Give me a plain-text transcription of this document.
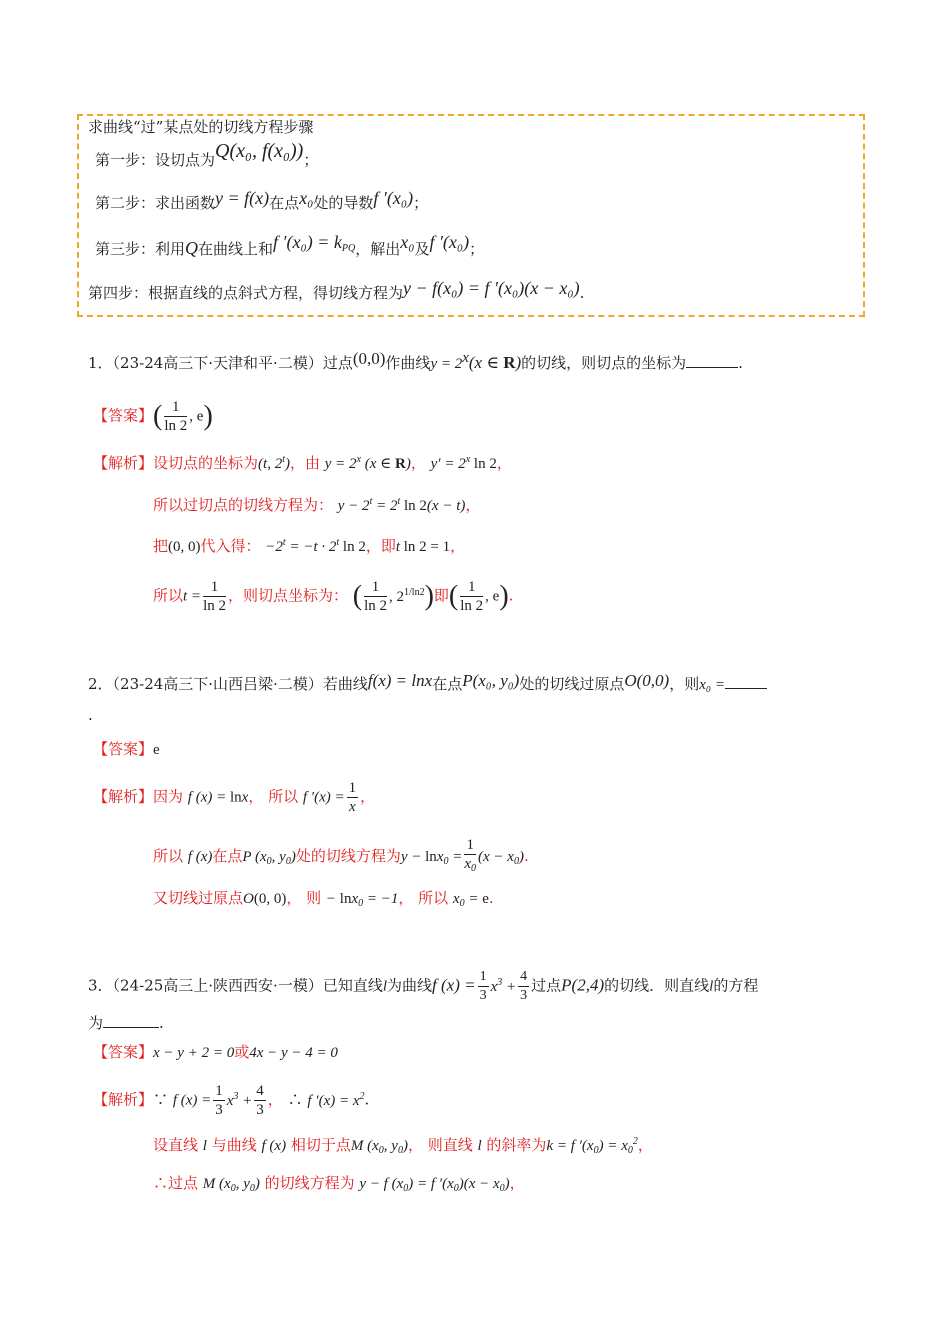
求曲线“过”某点处的切线方程步骤
第一步：设切点为Q(x₀, f(x₀))；
第二步：求出函数y = f(x)在点x₀处的导数f ′(x₀)；
第三步：利用Q在曲线上和f $'(x_0) = k_{PQ}$，解出x₀及f ′(x₀)；
第四步：根据直线的点斜式方程，得切线方程为y − f(x₀) = f ′(x₀)(x − x₀).
1．（23-24高三下·天津和平·二模）过点(0,0)作曲线$y = 2^x(x$ ∈ R)的切线，则切点的坐标为	.
【答案】( $\frac{1}{\ln 2}$ , e)
【解析】设切点的坐标为(t, 2$^t$)，由 $y = 2^x$ (x ∈ R)， $y' = 2^x$ ln 2，
所以过切点的切线方程为： $y - 2^t = 2^t$ ln 2(x − t)，
把(0, 0)代入得： $-2^t = -t \cdot 2^t$ ln 2，即t ln 2 = 1，
所以$t = \frac{1}{\ln 2}$ ，则切点坐标为： ( $\frac{1}{\ln 2}$ , $2^{1/ln2}$)即( $\frac{1}{\ln 2}$ , e).
2．（23-24高三下·山西吕梁·二模）若曲线f(x) = lnx在点P(x₀, y₀)处的切线过原点O(0,0)，则x₀ =
.
【答案】e
【解析】因为 f (x) = lnx， 所以 f $'(x) = \frac{1}{x}$ ，
所以 f (x)在点P ($x_0$, $y_0$)处的切线方程为$y - \ln x_0 = \frac{1}{x_0} (x - x_0)$.
又切线过原点O(0, 0)， 则 − lnx$_0$ = −1， 所以 $x_0 = e$.
3．（24-25高三上·陕西西安·一模）已知直线l为曲线f $(x) = \frac{1}{3} x^3 + \frac{4}{3}$ 过点P(2,4)的切线．则直线l的方程
为	.
【答案】x − y + 2 = 0或4x − y − 4 = 0
【解析】∵ f $(x) = \frac{1}{3} x^3 + \frac{4}{3}$ ， ∴ f $'(x) = x^2$.
设直线 l 与曲线 f (x) 相切于点M ($x_0$, $y_0$)， 则直线 l 的斜率为k = f $'(x_0) = x_0^2$，
∴过点 M ($x_0$, $y_0$) 的切线方程为 y − f $(x_0) = f$ $'(x_0)(x - x_0)$，
